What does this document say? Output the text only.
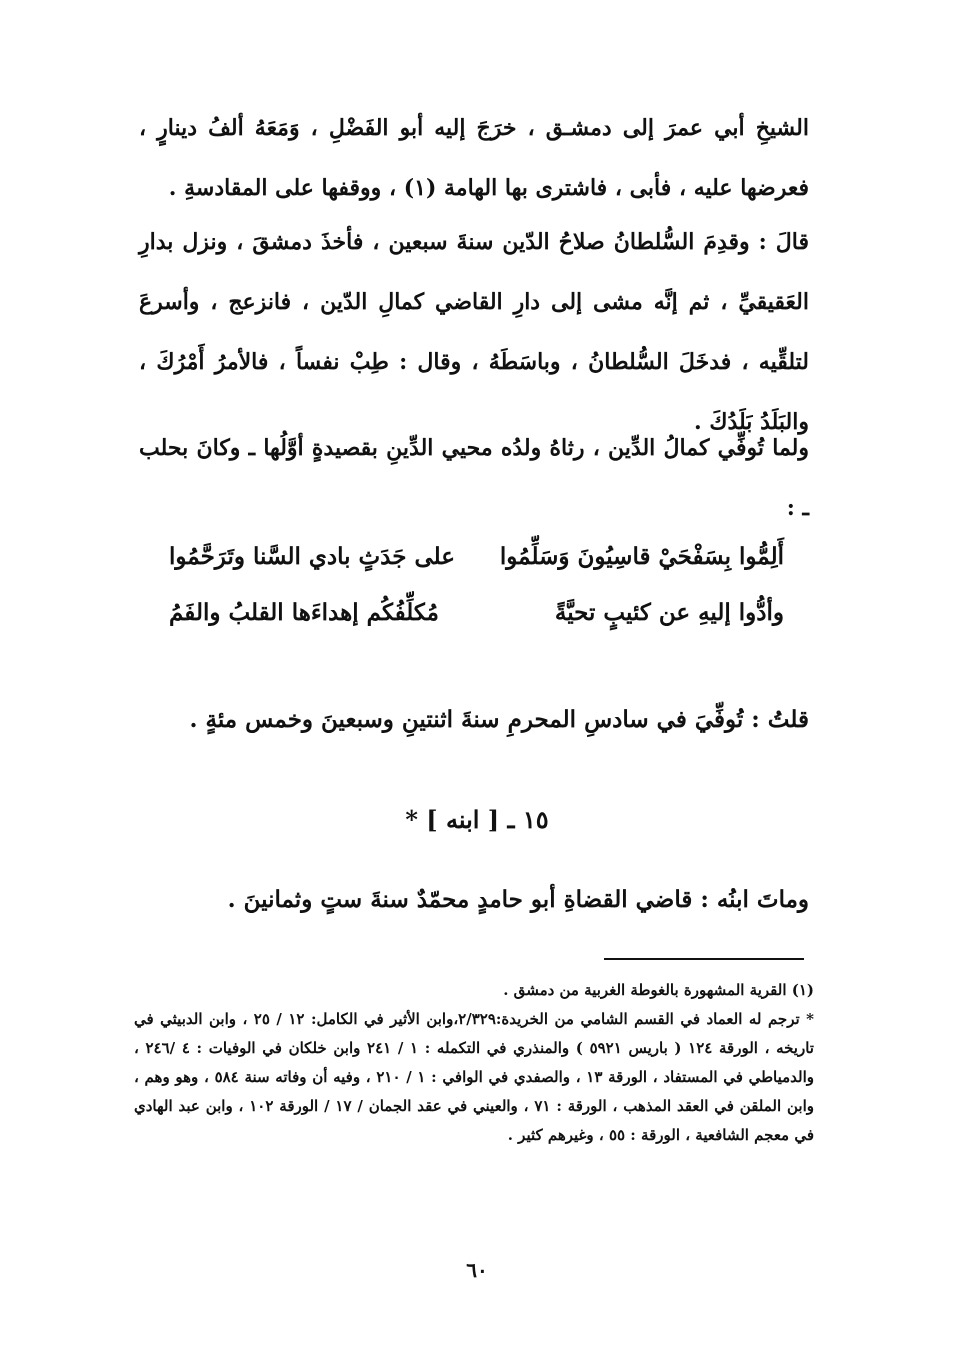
الشيخِ أبي عمرَ إلى دمشـق ، خرَجَ إليه أبو الفَضْلِ ، وَمَعَهُ ألفُ دينارٍ ، فعرضها عليه ، فأبى ، فاشترى بها الهامة (١) ، ووقفها على المقادسةِ .
قالَ : وقدِمَ السُّلطانُ صلاحُ الدّين سنةَ سبعين ، فأخذَ دمشقَ ، ونزل بدارِ العَقيقيِّ ، ثم إنَّه مشى إلى دارِ القاضي كمالِ الدّين ، فانزعج ، وأسرعَ لتلقِّيه ، فدخَلَ السُّلطانُ ، وباسَطَهُ ، وقال : طِبْ نفساً ، فالأمرُ أَمْرُكَ ، والبَلَدُ بَلَدُكَ .
ولما تُوفِّي كمالُ الدِّين ، رثاهُ ولدُه محيي الدِّينِ بقصيدةٍ أوَّلُها ـ وكانَ بحلب ـ :
أَلِمُّوا بِسَفْحَيْ قاسِيُونَ وَسَلِّمُوا
على جَدَثٍ بادي السَّنا وتَرَحَّمُوا
وأدُّوا إليهِ عن كئيبٍ تحيَّةً
مُكلِّفُكُم إهداءَها القلبُ والفَمُ
قلتُ : تُوفِّيَ في سادسِ المحرمِ سنةَ اثنتينِ وسبعينَ وخمس مئةٍ .
١٥ ـ [ ابنه ] *
وماتَ ابنُه : قاضي القضاةِ أبو حامدٍ محمّدٌ سنةَ ستٍ وثمانينَ .

(١) القرية المشهورة بالغوطة الغربية من دمشق .

* ترجم له العماد في القسم الشامي من الخريدة:٢/٣٢٩،وابن الأثير في الكامل: ١٢ / ٢٥ ، وابن الدبيثي في تاريخه ، الورقة ١٢٤ ( باريس ٥٩٢١ ) والمنذري في التكمله : ١ / ٢٤١ وابن خلكان في الوفيات : ٤ /٢٤٦ ، والدمياطي في المستفاد ، الورقة ١٣ ، والصفدي في الوافي : ١ / ٢١٠ ، وفيه أن وفاته سنة ٥٨٤ ، وهو وهم ، وابن الملقن في العقد المذهب ، الورقة : ٧١ ، والعيني في عقد الجمان / ١٧ / الورقة ١٠٢ ، وابن عبد الهادي في معجم الشافعية ، الورقة : ٥٥ ، وغيرهم كثير .

٦٠
